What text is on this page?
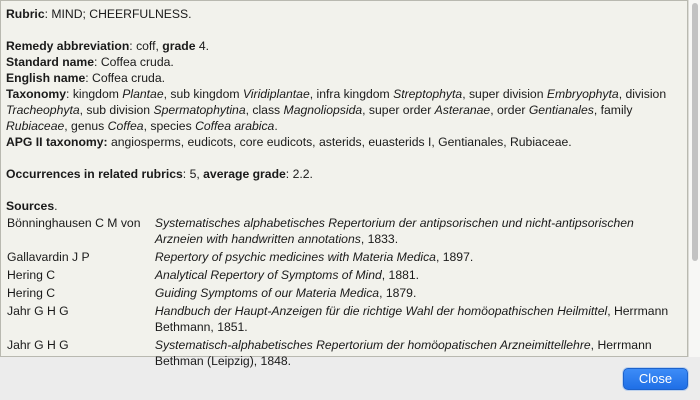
Rubric: MIND; CHEERFULNESS.

Remedy abbreviation: coff, grade 4.

Standard name: Coffea cruda.

English name: Coffea cruda.

Taxonomy: kingdom Plantae, sub kingdom Viridiplantae, infra kingdom Streptophyta, super division Embryophyta, division Tracheophyta, sub division Spermatophytina, class Magnoliopsida, super order Asteranae, order Gentianales, family Rubiaceae, genus Coffea, species Coffea arabica.

APG II taxonomy: angiosperms, eudicots, core eudicots, asterids, euasterids I, Gentianales, Rubiaceae.

Occurrences in related rubrics: 5, average grade: 2.2.

Sources.

Bönninghausen C M von	Systematisches alphabetisches Repertorium der antipsorischen und nicht-antipsorischen Arzneien with handwritten annotations, 1833.
Gallavardin J P	Repertory of psychic medicines with Materia Medica, 1897.
Hering C	Analytical Repertory of Symptoms of Mind, 1881.
Hering C	Guiding Symptoms of our Materia Medica, 1879.
Jahr G H G	Handbuch der Haupt-Anzeigen für die richtige Wahl der homöopathischen Heilmittel, Herrmann Bethmann, 1851.
Jahr G H G	Systematisch-alphabetisches Repertorium der homöopatischen Arzneimittellehre, Herrmann Bethman (Leipzig), 1848.
Close
